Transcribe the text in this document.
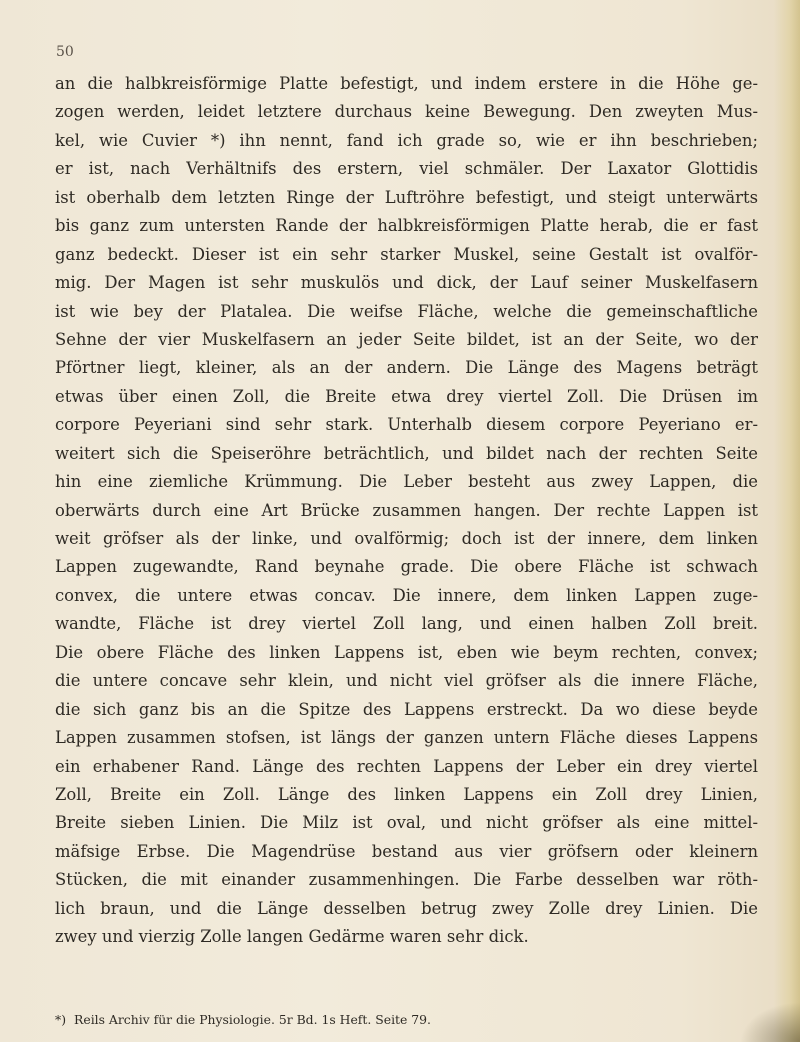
50
an die halbkreisförmige Platte befestigt, und indem erstere in die Höhe ge-
zogen werden, leidet letztere durchaus keine Bewegung. Den zweyten Mus-
kel, wie Cuvier *) ihn nennt, fand ich grade so, wie er ihn beschrieben;
er ist, nach Verhältnifs des erstern, viel schmäler. Der Laxator Glottidis
ist oberhalb dem letzten Ringe der Luftröhre befestigt, und steigt unterwärts
bis ganz zum untersten Rande der halbkreisförmigen Platte herab, die er fast
ganz bedeckt. Dieser ist ein sehr starker Muskel, seine Gestalt ist ovalför-
mig. Der Magen ist sehr muskulös und dick, der Lauf seiner Muskelfasern
ist wie bey der Platalea. Die weifse Fläche, welche die gemeinschaftliche
Sehne der vier Muskelfasern an jeder Seite bildet, ist an der Seite, wo der
Pförtner liegt, kleiner, als an der andern. Die Länge des Magens beträgt
etwas über einen Zoll, die Breite etwa drey viertel Zoll. Die Drüsen im
corpore Peyeriani sind sehr stark. Unterhalb diesem corpore Peyeriano er-
weitert sich die Speiseröhre beträchtlich, und bildet nach der rechten Seite
hin eine ziemliche Krümmung. Die Leber besteht aus zwey Lappen, die
oberwärts durch eine Art Brücke zusammen hangen. Der rechte Lappen ist
weit gröfser als der linke, und ovalförmig; doch ist der innere, dem linken
Lappen zugewandte, Rand beynahe grade. Die obere Fläche ist schwach
convex, die untere etwas concav. Die innere, dem linken Lappen zuge-
wandte, Fläche ist drey viertel Zoll lang, und einen halben Zoll breit.
Die obere Fläche des linken Lappens ist, eben wie beym rechten, convex;
die untere concave sehr klein, und nicht viel gröfser als die innere Fläche,
die sich ganz bis an die Spitze des Lappens erstreckt. Da wo diese beyde
Lappen zusammen stofsen, ist längs der ganzen untern Fläche dieses Lappens
ein erhabener Rand. Länge des rechten Lappens der Leber ein drey viertel
Zoll, Breite ein Zoll. Länge des linken Lappens ein Zoll drey Linien,
Breite sieben Linien. Die Milz ist oval, und nicht gröfser als eine mittel-
mäfsige Erbse. Die Magendrüse bestand aus vier gröfsern oder kleinern
Stücken, die mit einander zusammenhingen. Die Farbe desselben war röth-
lich braun, und die Länge desselben betrug zwey Zolle drey Linien. Die
zwey und vierzig Zolle langen Gedärme waren sehr dick.
*) Reils Archiv für die Physiologie. 5r Bd. 1s Heft. Seite 79.
